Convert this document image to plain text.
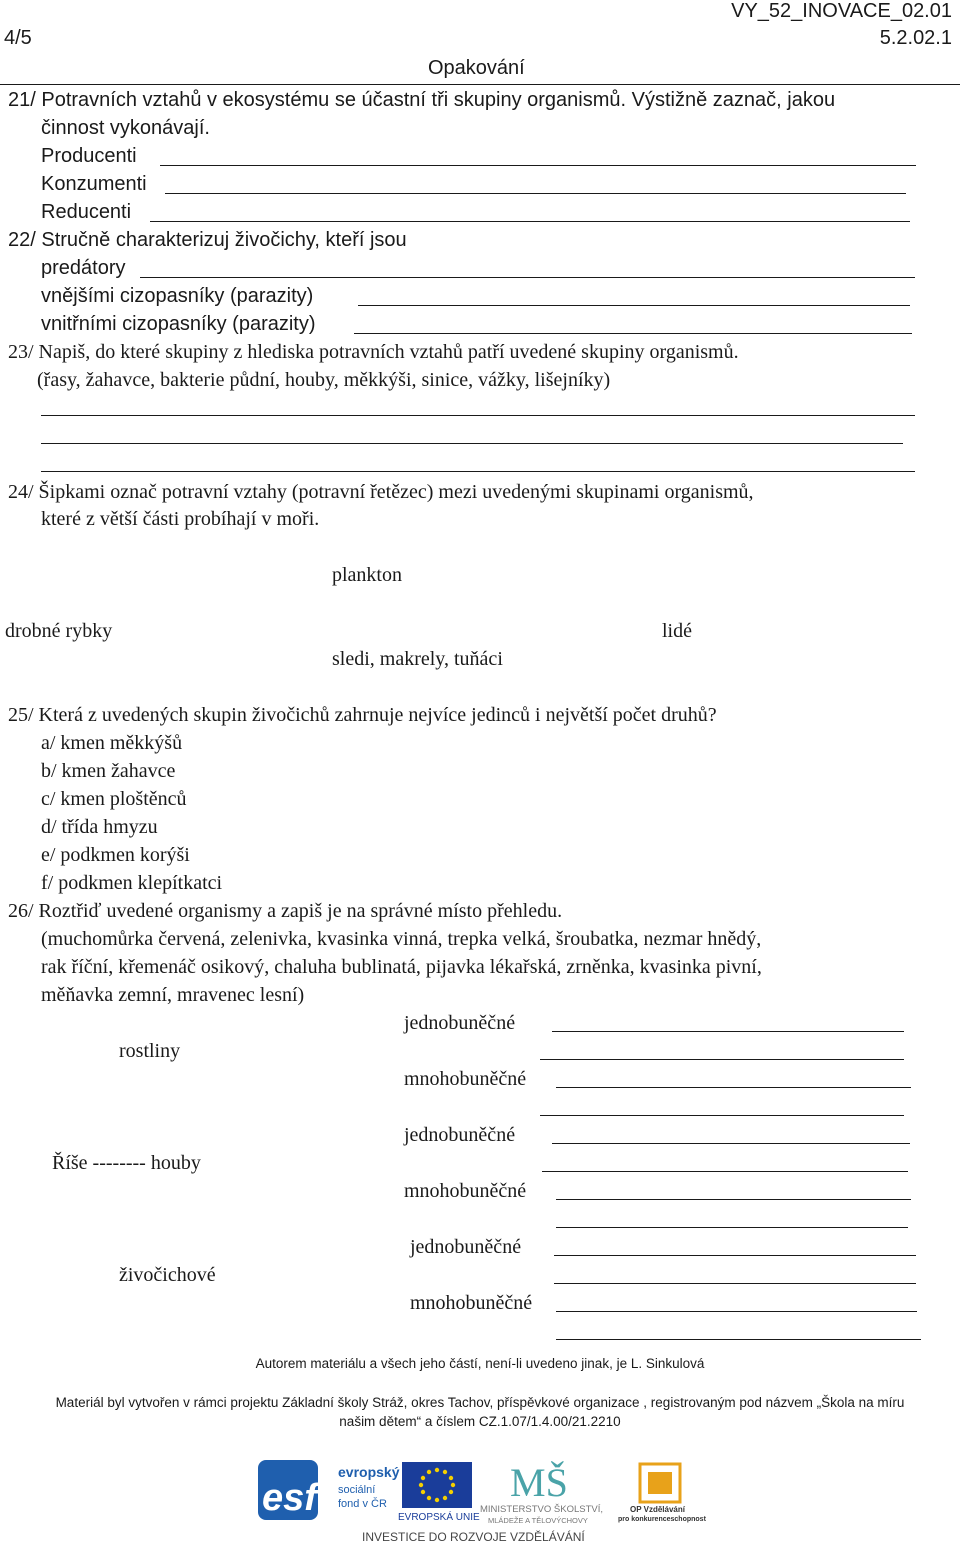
VY_52_INOVACE_02.01
4/5	5.2.02.1
Opakování
21/ Potravních vztahů v ekosystému se účastní tři skupiny organismů. Výstižně zaznač, jakou
činnost vykonávají.
Producenti
Konzumenti
Reducenti
22/ Stručně charakterizuj živočichy, kteří jsou
predátory
vnějšími cizopasníky (parazity)
vnitřními cizopasníky (parazity)
23/ Napiš, do které skupiny z hlediska potravních vztahů patří uvedené skupiny organismů.
(řasy, žahavce, bakterie půdní, houby, měkkýši, sinice, vážky, lišejníky)
24/ Šipkami označ potravní vztahy (potravní řetězec) mezi uvedenými skupinami organismů,
které z větší části probíhají v moři.
plankton
drobné rybky	lidé
sledi, makrely, tuňáci
25/ Která z uvedených skupin živočichů zahrnuje nejvíce jedinců i největší počet druhů?
a/ kmen měkkýšů
b/ kmen žahavce
c/ kmen ploštěnců
d/ třída hmyzu
e/ podkmen korýši
f/ podkmen klepítkatci
26/ Roztřiď uvedené organismy a zapiš je na správné místo přehledu.
(muchomůrka červená, zelenivka, kvasinka vinná, trepka velká, šroubatka, nezmar hnědý,
rak říční, křemenáč osikový, chaluha bublinatá, pijavka lékařská, zrněnka, kvasinka pivní,
měňavka zemní, mravenec lesní)
jednobuněčné
rostliny
mnohobuněčné
jednobuněčné
Říše -------- houby
mnohobuněčné
jednobuněčné
živočichové
mnohobuněčné
Autorem materiálu a všech jeho částí, není-li uvedeno jinak, je L. Sinkulová
Materiál byl vytvořen v rámci projektu Základní školy Stráž, okres Tachov, příspěvkové organizace , registrovaným pod názvem „Škola na míru
našim dětem“ a číslem CZ.1.07/1.4.00/21.2210
esf
evropský
sociální
fond v ČR
EVROPSKÁ UNIE
MŠ
MINISTERSTVO ŠKOLSTVÍ,
MLÁDEŽE A TĚLOVÝCHOVY
OP Vzdělávání
pro konkurenceschopnost
INVESTICE DO ROZVOJE VZDĚLÁVÁNÍ
